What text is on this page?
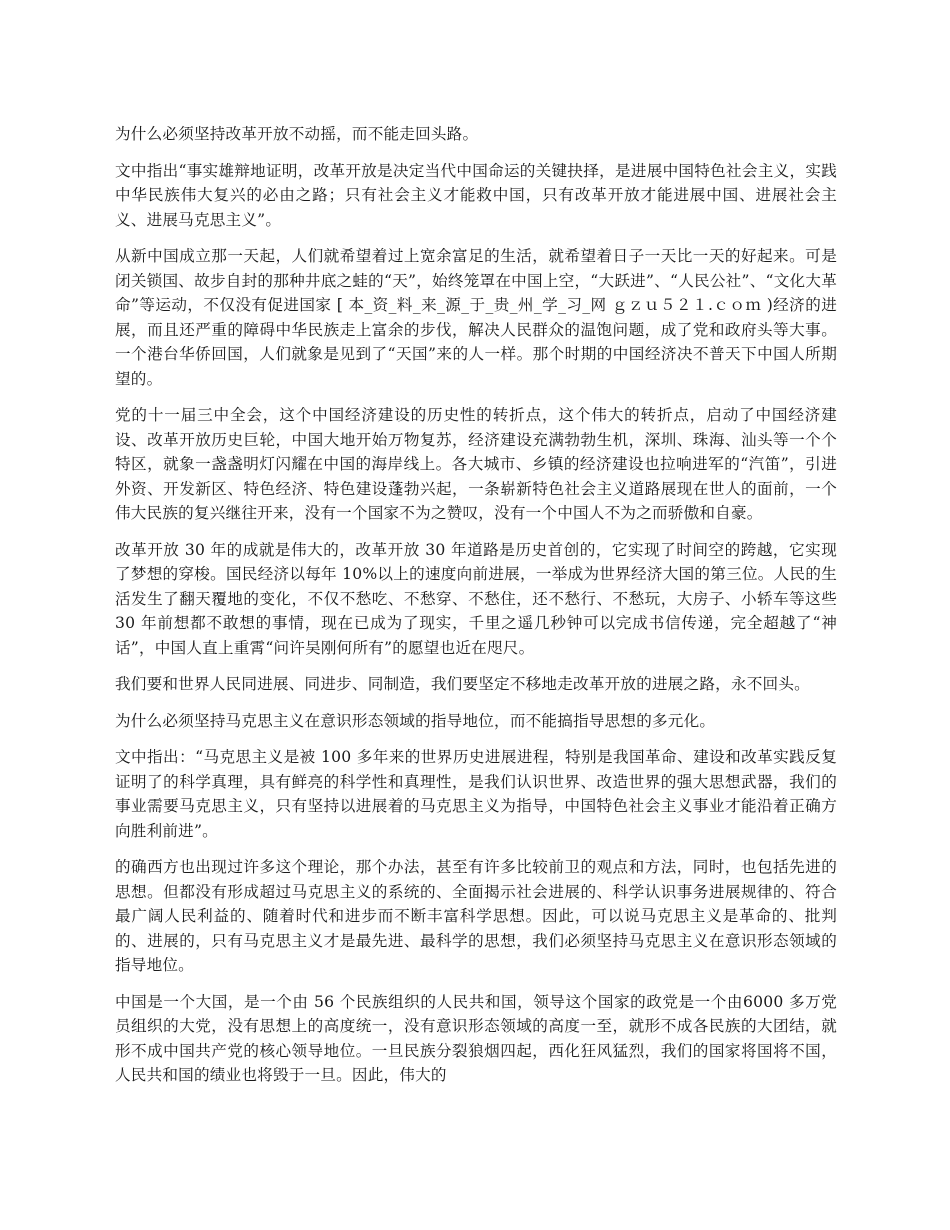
为什么必须坚持改革开放不动摇，而不能走回头路。

文中指出“事实雄辩地证明，改革开放是决定当代中国命运的关键抉择，是进展中国特色社会主义，实践中华民族伟大复兴的必由之路；只有社会主义才能救中国，只有改革开放才能进展中国、进展社会主义、进展马克思主义”。

从新中国成立那一天起，人们就希望着过上宽余富足的生活，就希望着日子一天比一天的好起来。可是闭关锁国、故步自封的那种井底之蛙的“天”，始终笼罩在中国上空，“大跃进”、“人民公社”、“文化大革命”等运动，不仅没有促进国家 [ 本_资_料_来_源_于_贵_州_学_习_网 ｇｚｕ５２１.ｃｏｍ )经济的进展，而且还严重的障碍中华民族走上富余的步伐，解决人民群众的温饱问题，成了党和政府头等大事。一个港台华侨回国，人们就象是见到了“天国”来的人一样。那个时期的中国经济决不普天下中国人所期望的。

党的十一届三中全会，这个中国经济建设的历史性的转折点，这个伟大的转折点，启动了中国经济建设、改革开放历史巨轮，中国大地开始万物复苏，经济建设充满勃勃生机，深圳、珠海、汕头等一个个特区，就象一盏盏明灯闪耀在中国的海岸线上。各大城市、乡镇的经济建设也拉响进军的“汽笛”，引进外资、开发新区、特色经济、特色建设蓬勃兴起，一条崭新特色社会主义道路展现在世人的面前，一个伟大民族的复兴继往开来，没有一个国家不为之赞叹，没有一个中国人不为之而骄傲和自豪。

改革开放 30 年的成就是伟大的，改革开放 30 年道路是历史首创的，它实现了时间空的跨越，它实现了梦想的穿梭。国民经济以每年 10%以上的速度向前进展，一举成为世界经济大国的第三位。人民的生活发生了翻天覆地的变化，不仅不愁吃、不愁穿、不愁住，还不愁行、不愁玩，大房子、小轿车等这些 30 年前想都不敢想的事情，现在已成为了现实，千里之遥几秒钟可以完成书信传递，完全超越了“神话”，中国人直上重霄“问许吴刚何所有”的愿望也近在咫尺。

我们要和世界人民同进展、同进步、同制造，我们要坚定不移地走改革开放的进展之路，永不回头。

为什么必须坚持马克思主义在意识形态领域的指导地位，而不能搞指导思想的多元化。

文中指出：“马克思主义是被 100 多年来的世界历史进展进程，特别是我国革命、建设和改革实践反复证明了的科学真理，具有鲜亮的科学性和真理性，是我们认识世界、改造世界的强大思想武器，我们的事业需要马克思主义，只有坚持以进展着的马克思主义为指导，中国特色社会主义事业才能沿着正确方向胜利前进”。

的确西方也出现过许多这个理论，那个办法，甚至有许多比较前卫的观点和方法，同时，也包括先进的思想。但都没有形成超过马克思主义的系统的、全面揭示社会进展的、科学认识事务进展规律的、符合最广阔人民利益的、随着时代和进步而不断丰富科学思想。因此，可以说马克思主义是革命的、批判的、进展的，只有马克思主义才是最先进、最科学的思想，我们必须坚持马克思主义在意识形态领域的指导地位。

中国是一个大国，是一个由 56 个民族组织的人民共和国，领导这个国家的政党是一个由6000 多万党员组织的大党，没有思想上的高度统一，没有意识形态领域的高度一至，就形不成各民族的大团结，就形不成中国共产党的核心领导地位。一旦民族分裂狼烟四起，西化狂风猛烈，我们的国家将国将不国，人民共和国的绩业也将毁于一旦。因此，伟大的
